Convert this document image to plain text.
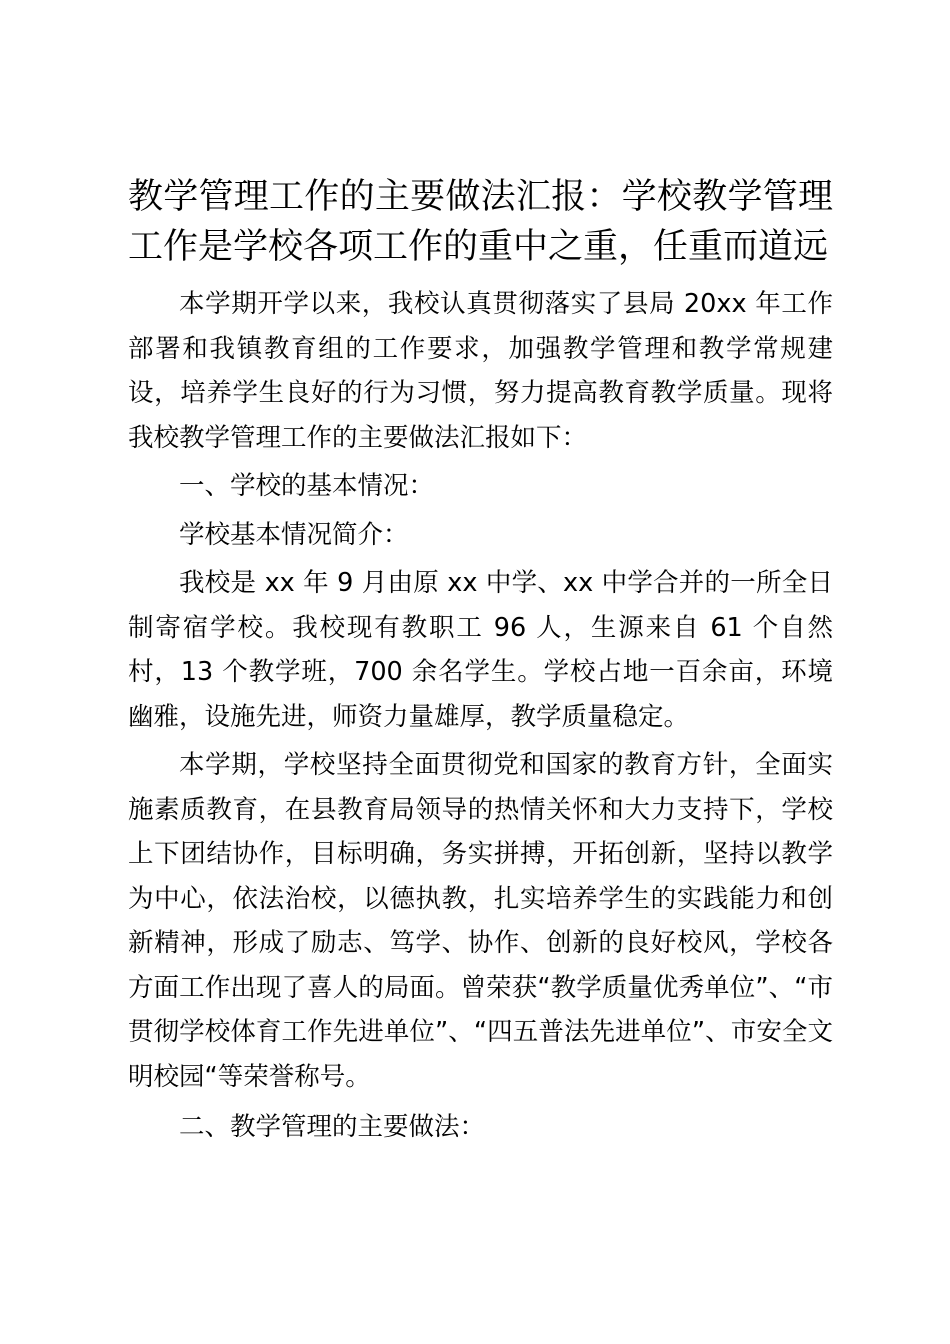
教学管理工作的主要做法汇报：学校教学管理工作是学校各项工作的重中之重，任重而道远

本学期开学以来，我校认真贯彻落实了县局 20xx 年工作部署和我镇教育组的工作要求，加强教学管理和教学常规建设，培养学生良好的行为习惯，努力提高教育教学质量。现将我校教学管理工作的主要做法汇报如下：

一、学校的基本情况：

学校基本情况简介：

我校是 xx 年 9 月由原 xx 中学、xx 中学合并的一所全日制寄宿学校。我校现有教职工 96 人，生源来自 61 个自然村，13 个教学班，700 余名学生。学校占地一百余亩，环境幽雅，设施先进，师资力量雄厚，教学质量稳定。

本学期，学校坚持全面贯彻党和国家的教育方针，全面实施素质教育，在县教育局领导的热情关怀和大力支持下，学校上下团结协作，目标明确，务实拼搏，开拓创新，坚持以教学为中心，依法治校，以德执教，扎实培养学生的实践能力和创新精神，形成了励志、笃学、协作、创新的良好校风，学校各方面工作出现了喜人的局面。曾荣获“教学质量优秀单位”、“市贯彻学校体育工作先进单位”、“四五普法先进单位”、市安全文明校园“等荣誉称号。

二、教学管理的主要做法：
